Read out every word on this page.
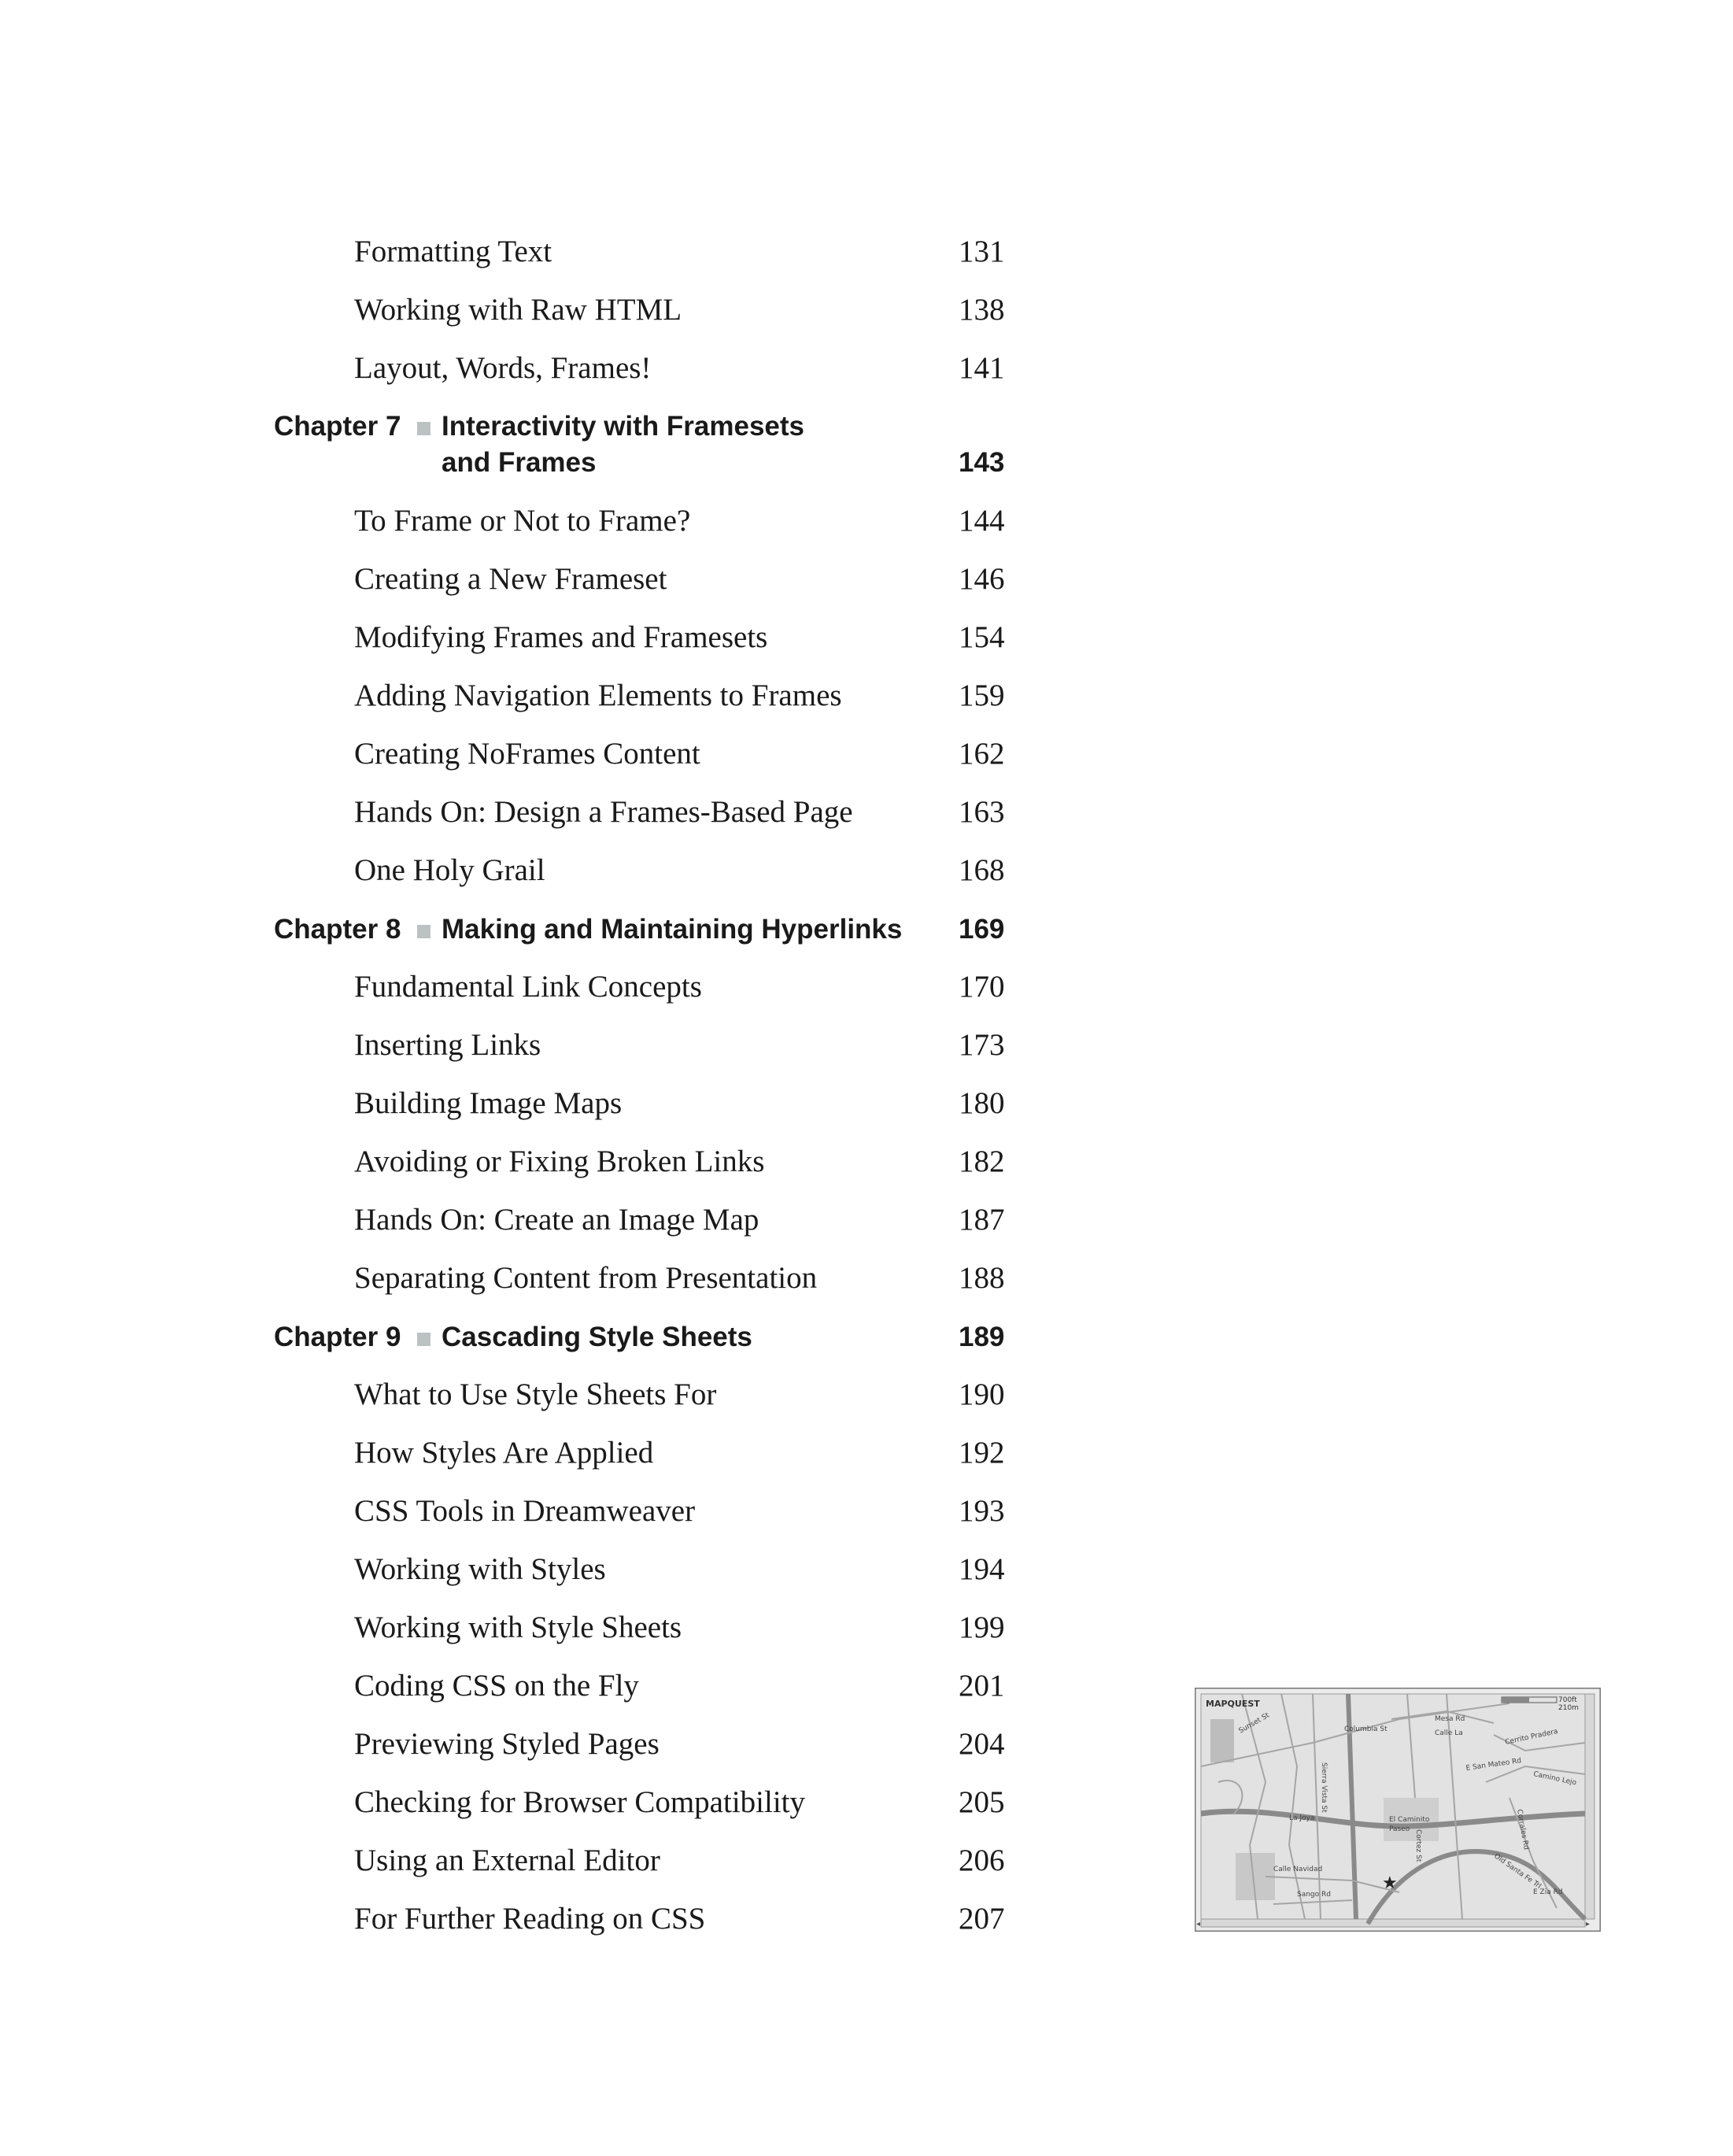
Formatting Text	131
Working with Raw HTML	138
Layout, Words, Frames!	141
Chapter 7 Interactivity with Framesets
and Frames	143
To Frame or Not to Frame?	144
Creating a New Frameset	146
Modifying Frames and Framesets	154
Adding Navigation Elements to Frames	159
Creating NoFrames Content	162
Hands On: Design a Frames-Based Page	163
One Holy Grail	168
Chapter 8 Making and Maintaining Hyperlinks 169
Fundamental Link Concepts	170
Inserting Links	173
Building Image Maps	180
Avoiding or Fixing Broken Links	182
Hands On: Create an Image Map	187
Separating Content from Presentation	188
Chapter 9 Cascading Style Sheets	189
What to Use Style Sheets For	190
How Styles Are Applied	192
CSS Tools in Dreamweaver	193
Working with Styles	194
Working with Style Sheets	199
Coding CSS on the Fly	201
Previewing Styled Pages	204
Checking for Browser Compatibility	205
Using an External Editor	206
For Further Reading on CSS	207	◂	▸
MAPQUEST	700ft
210m
Columbia St
Mesa Rd
Calle La	Cerrito Pradera
E San Mateo Rd
Camino Lejo
El Caminito
Paseo
La Joya
Calle Navidad
Sango Rd	E Zia Rd
Old Santa Fe Trl
Sunset St
Sierra Vista St
Corrales Rd
Cortez St
★
